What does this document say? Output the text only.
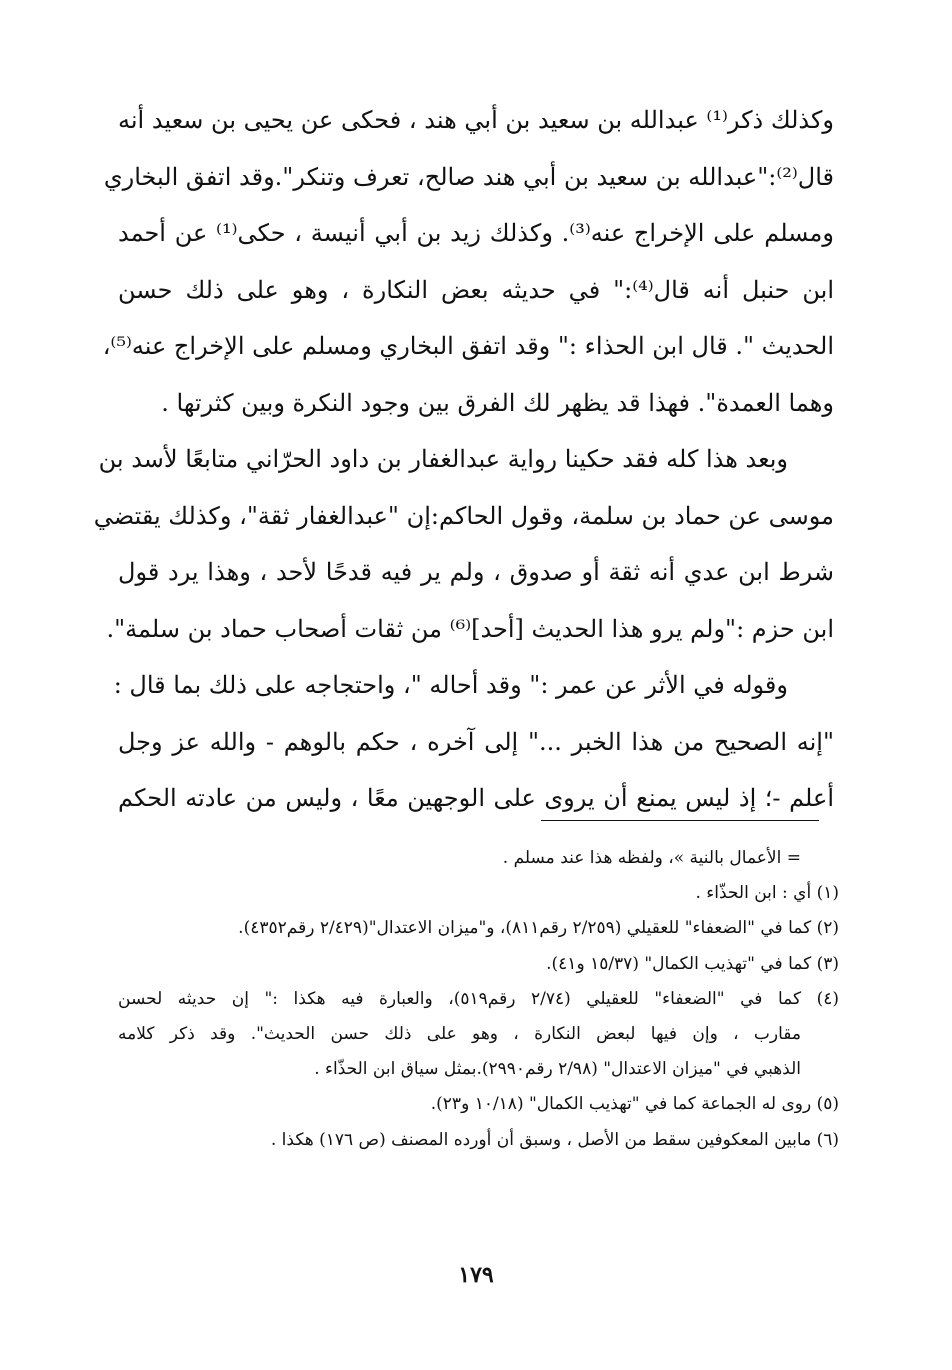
وكذلك ذكر⁽¹⁾ عبدالله بن سعيد بن أبي هند ، فحكى عن يحيى بن سعيد أنه
قال⁽²⁾:"عبدالله بن سعيد بن أبي هند صالح، تعرف وتنكر".وقد اتفق البخاري
ومسلم على الإخراج عنه⁽³⁾. وكذلك زيد بن أبي أنيسة ، حكى⁽¹⁾ عن أحمد
ابن حنبل أنه قال⁽⁴⁾:" في حديثه بعض النكارة ، وهو على ذلك حسن
الحديث ". قال ابن الحذاء :" وقد اتفق البخاري ومسلم على الإخراج عنه⁽⁵⁾،
وهما العمدة". فهذا قد يظهر لك الفرق بين وجود النكرة وبين كثرتها .
وبعد هذا كله فقد حكينا رواية عبدالغفار بن داود الحرّاني متابعًا لأسد بن
موسى عن حماد بن سلمة، وقول الحاكم:إن "عبدالغفار ثقة"، وكذلك يقتضي
شرط ابن عدي أنه ثقة أو صدوق ، ولم ير فيه قدحًا لأحد ، وهذا يرد قول
ابن حزم :"ولم يرو هذا الحديث [أحد]⁽⁶⁾ من ثقات أصحاب حماد بن سلمة".
وقوله في الأثر عن عمر :" وقد أحاله "، واحتجاجه على ذلك بما قال :
"إنه الصحيح من هذا الخبر ..." إلى آخره ، حكم بالوهم - والله عز وجل
أعلم -؛ إذ ليس يمنع أن يروى على الوجهين معًا ، وليس من عادته الحكم
= الأعمال بالنية »، ولفظه هذا عند مسلم .
(١) أي : ابن الحذّاء .
(٢) كما في "الضعفاء" للعقيلي (٢/٢٥٩ رقم٨١١)، و"ميزان الاعتدال"(٢/٤٢٩ رقم٤٣٥٢).
(٣) كما في "تهذيب الكمال" (١٥/٣٧ و٤١).
(٤) كما في "الضعفاء" للعقيلي (٢/٧٤ رقم٥١٩)، والعبارة فيه هكذا :" إن حديثه لحسن
مقارب ، وإن فيها لبعض النكارة ، وهو على ذلك حسن الحديث". وقد ذكر كلامه
الذهبي في "ميزان الاعتدال" (٢/٩٨ رقم٢٩٩٠).بمثل سياق ابن الحذّاء .
(٥) روى له الجماعة كما في "تهذيب الكمال" (١٠/١٨ و٢٣).
(٦) مابين المعكوفين سقط من الأصل ، وسبق أن أورده المصنف (ص ١٧٦) هكذا .
١٧٩
